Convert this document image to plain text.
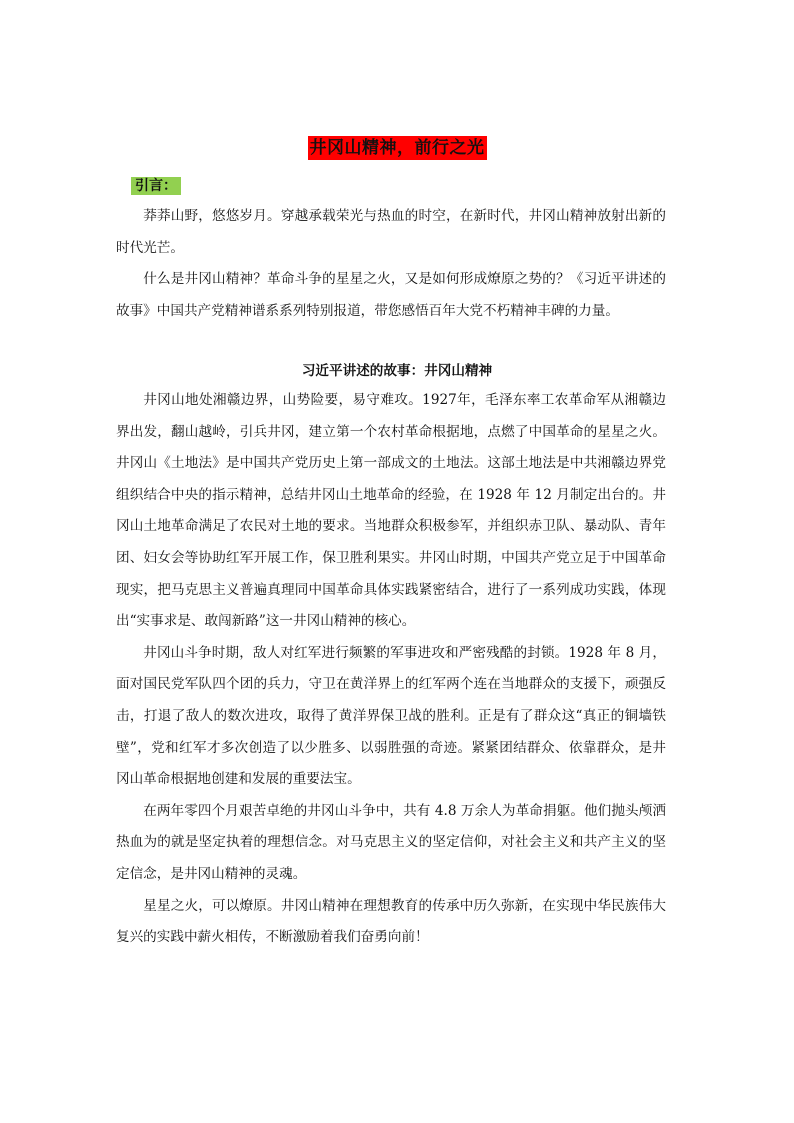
井冈山精神，前行之光
引言：

莽莽山野，悠悠岁月。穿越承载荣光与热血的时空，在新时代，井冈山精神放射出新的时代光芒。

什么是井冈山精神？革命斗争的星星之火，又是如何形成燎原之势的？《习近平讲述的故事》中国共产党精神谱系系列特别报道，带您感悟百年大党不朽精神丰碑的力量。

习近平讲述的故事：井冈山精神

井冈山地处湘赣边界，山势险要，易守难攻。1927年，毛泽东率工农革命军从湘赣边界出发，翻山越岭，引兵井冈，建立第一个农村革命根据地，点燃了中国革命的星星之火。井冈山《土地法》是中国共产党历史上第一部成文的土地法。这部土地法是中共湘赣边界党组织结合中央的指示精神，总结井冈山土地革命的经验，在 1928 年 12 月制定出台的。井冈山土地革命满足了农民对土地的要求。当地群众积极参军，并组织赤卫队、暴动队、青年团、妇女会等协助红军开展工作，保卫胜利果实。井冈山时期，中国共产党立足于中国革命现实，把马克思主义普遍真理同中国革命具体实践紧密结合，进行了一系列成功实践，体现出“实事求是、敢闯新路”这一井冈山精神的核心。

井冈山斗争时期，敌人对红军进行频繁的军事进攻和严密残酷的封锁。1928 年 8 月，面对国民党军队四个团的兵力，守卫在黄洋界上的红军两个连在当地群众的支援下，顽强反击，打退了敌人的数次进攻，取得了黄洋界保卫战的胜利。正是有了群众这“真正的铜墙铁壁”，党和红军才多次创造了以少胜多、以弱胜强的奇迹。紧紧团结群众、依靠群众，是井冈山革命根据地创建和发展的重要法宝。

在两年零四个月艰苦卓绝的井冈山斗争中，共有 4.8 万余人为革命捐躯。他们抛头颅洒热血为的就是坚定执着的理想信念。对马克思主义的坚定信仰，对社会主义和共产主义的坚定信念，是井冈山精神的灵魂。

星星之火，可以燎原。井冈山精神在理想教育的传承中历久弥新，在实现中华民族伟大复兴的实践中薪火相传，不断激励着我们奋勇向前！
